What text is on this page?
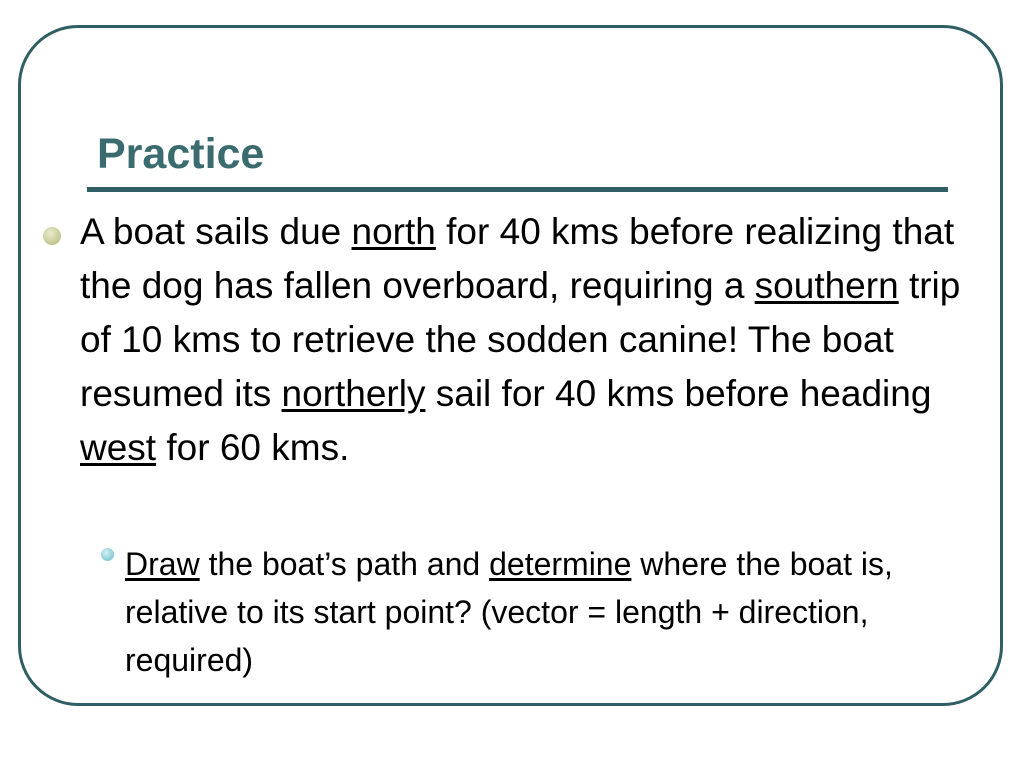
Practice

A boat sails due north for 40 kms before realizing that the dog has fallen overboard, requiring a southern trip of 10 kms to retrieve the sodden canine! The boat resumed its northerly sail for 40 kms before heading west for 60 kms.

Draw the boat’s path and determine where the boat is, relative to its start point? (vector = length + direction, required)
